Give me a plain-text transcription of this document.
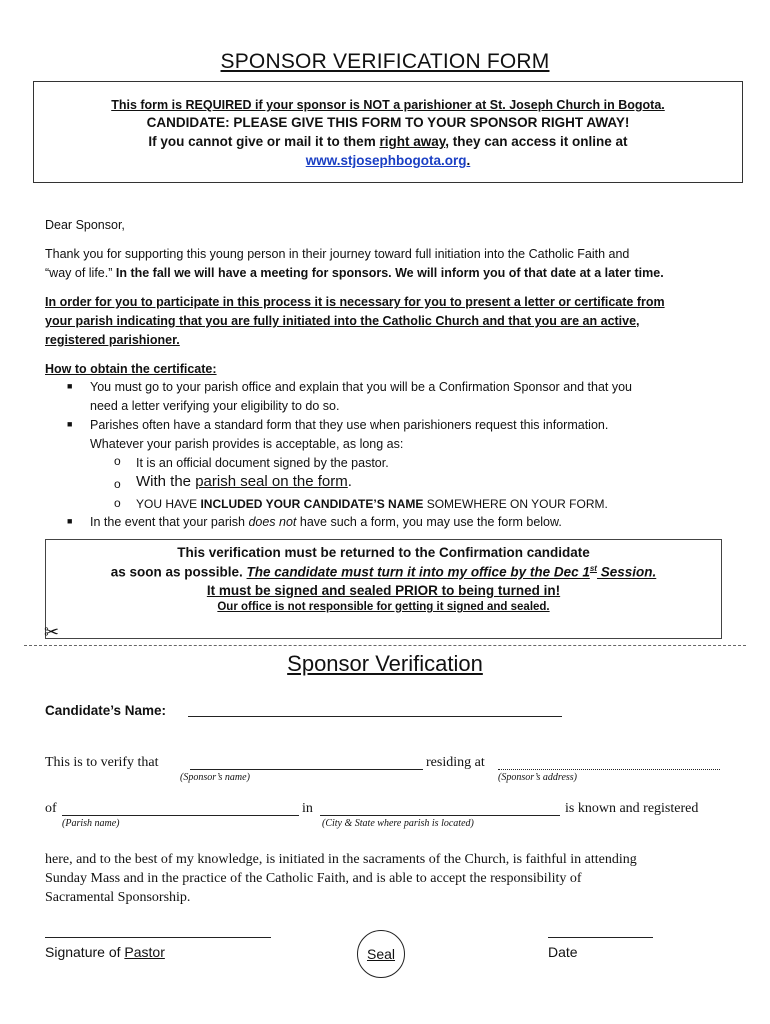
SPONSOR VERIFICATION FORM
This form is REQUIRED if your sponsor is NOT a parishioner at St. Joseph Church in Bogota.
CANDIDATE: PLEASE GIVE THIS FORM TO YOUR SPONSOR RIGHT AWAY!
If you cannot give or mail it to them right away, they can access it online at
www.stjosephbogota.org.
Dear Sponsor,
Thank you for supporting this young person in their journey toward full initiation into the Catholic Faith and
“way of life.” In the fall we will have a meeting for sponsors. We will inform you of that date at a later time.
In order for you to participate in this process it is necessary for you to present a letter or certificate from
your parish indicating that you are fully initiated into the Catholic Church and that you are an active,
registered parishioner.
How to obtain the certificate:
■ You must go to your parish office and explain that you will be a Confirmation Sponsor and that you
need a letter verifying your eligibility to do so.
■ Parishes often have a standard form that they use when parishioners request this information.
Whatever your parish provides is acceptable, as long as:
o It is an official document signed by the pastor.
o With the parish seal on the form.
o YOU HAVE INCLUDED YOUR CANDIDATE’S NAME SOMEWHERE ON YOUR FORM.
■ In the event that your parish does not have such a form, you may use the form below.
This verification must be returned to the Confirmation candidate
as soon as possible. The candidate must turn it into my office by the Dec 1st Session.
It must be signed and sealed PRIOR to being turned in!
Our office is not responsible for getting it signed and sealed.
✂
Sponsor Verification
Candidate’s Name:
This is to verify that	residing at
(Sponsor’s name)	(Sponsor’s address)
of	in	is known and registered
(Parish name)	(City & State where parish is located)
here, and to the best of my knowledge, is initiated in the sacraments of the Church, is faithful in attending
Sunday Mass and in the practice of the Catholic Faith, and is able to accept the responsibility of
Sacramental Sponsorship.
Signature of Pastor	Seal	Date
